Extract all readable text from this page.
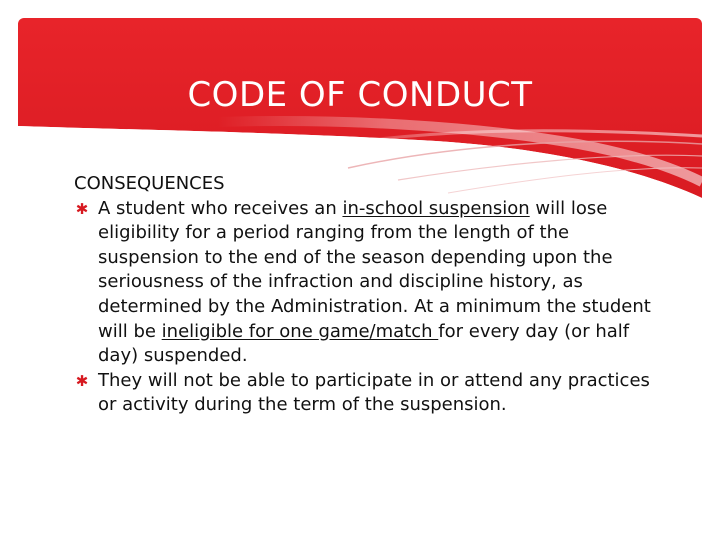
CODE OF CONDUCT

CONSEQUENCES

✱ A student who receives an in-school suspension will lose eligibility for a period ranging from the length of the suspension to the end of the season depending upon the seriousness of the infraction and discipline history, as determined by the Administration. At a minimum the student will be ineligible for one game/match for every day (or half day) suspended.
✱ They will not be able to participate in or attend any practices or activity during the term of the suspension.
